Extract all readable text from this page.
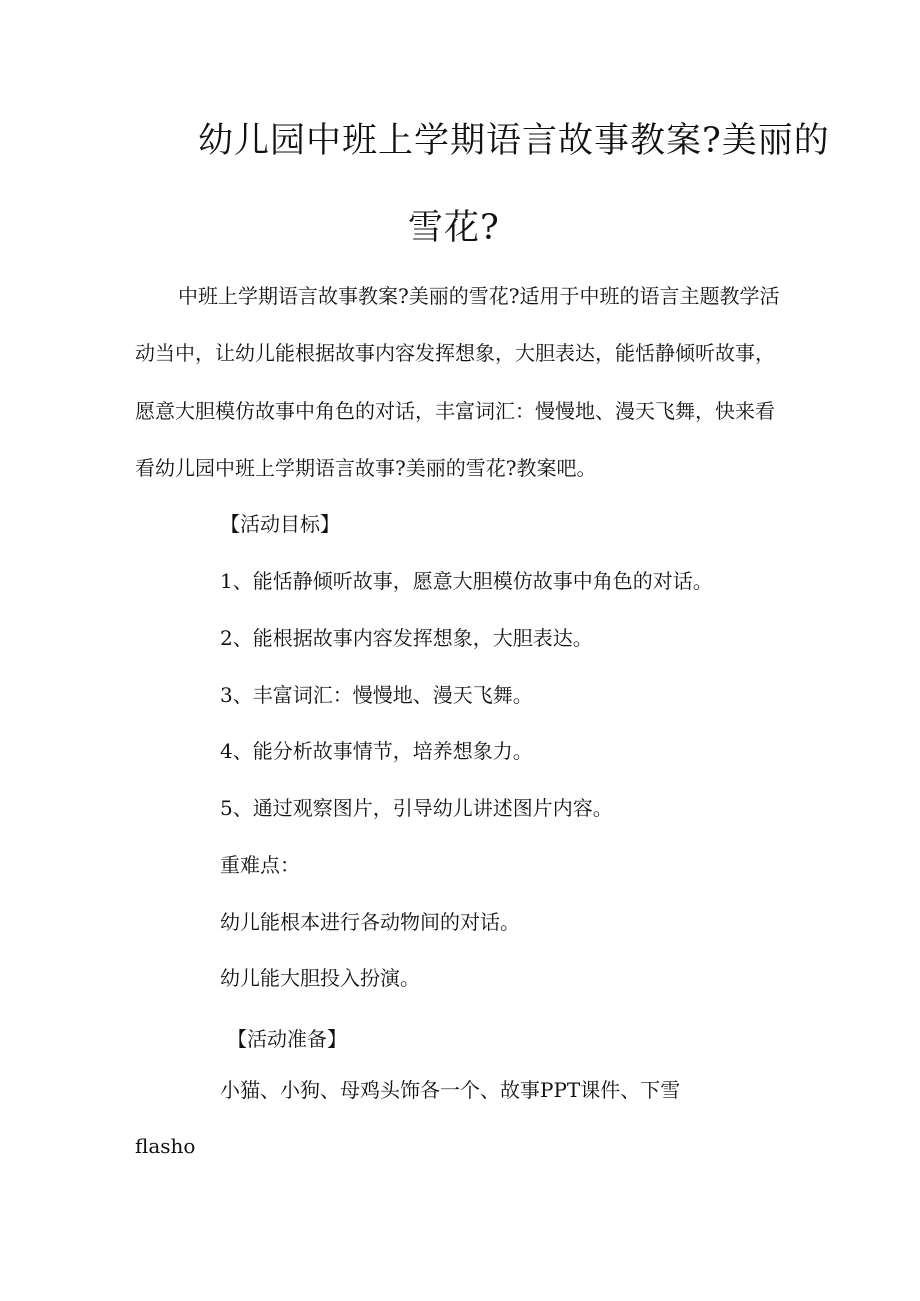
幼儿园中班上学期语言故事教案?美丽的
雪花?

中班上学期语言故事教案?美丽的雪花?适用于中班的语言主题教学活

动当中，让幼儿能根据故事内容发挥想象，大胆表达，能恬静倾听故事，

愿意大胆模仿故事中角色的对话，丰富词汇：慢慢地、漫天飞舞，快来看

看幼儿园中班上学期语言故事?美丽的雪花?教案吧。

【活动目标】

1、能恬静倾听故事，愿意大胆模仿故事中角色的对话。

2、能根据故事内容发挥想象，大胆表达。

3、丰富词汇：慢慢地、漫天飞舞。

4、能分析故事情节，培养想象力。

5、通过观察图片，引导幼儿讲述图片内容。

重难点：

幼儿能根本进行各动物间的对话。

幼儿能大胆投入扮演。

【活动准备】

小猫、小狗、母鸡头饰各一个、故事PPT课件、下雪

flasho
